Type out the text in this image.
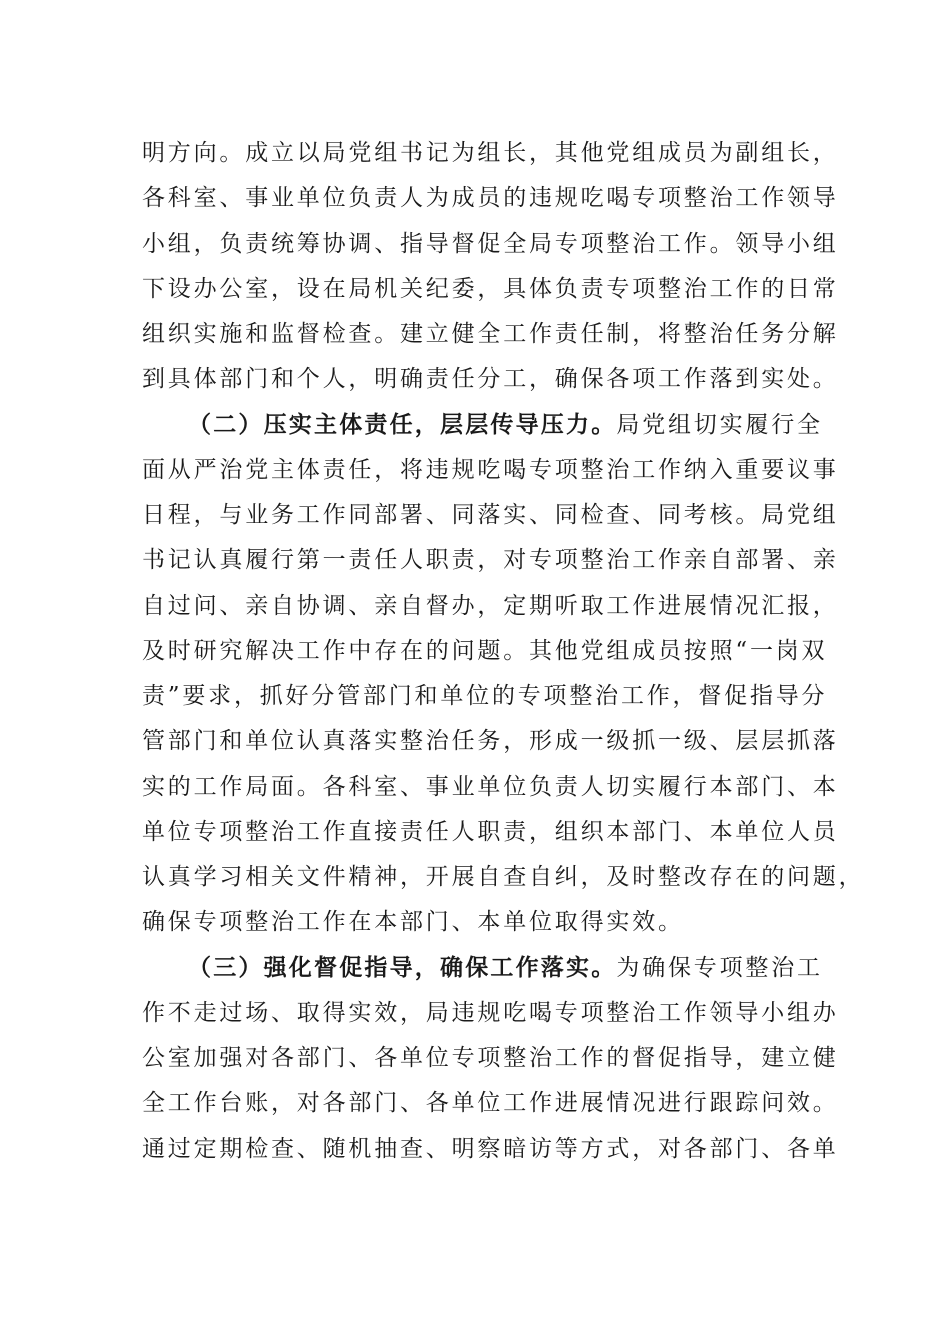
明方向。成立以局党组书记为组长，其他党组成员为副组长，
各科室、事业单位负责人为成员的违规吃喝专项整治工作领导
小组，负责统筹协调、指导督促全局专项整治工作。领导小组
下设办公室，设在局机关纪委，具体负责专项整治工作的日常
组织实施和监督检查。建立健全工作责任制，将整治任务分解
到具体部门和个人，明确责任分工，确保各项工作落到实处。
（二）压实主体责任，层层传导压力。局党组切实履行全
面从严治党主体责任，将违规吃喝专项整治工作纳入重要议事
日程，与业务工作同部署、同落实、同检查、同考核。局党组
书记认真履行第一责任人职责，对专项整治工作亲自部署、亲
自过问、亲自协调、亲自督办，定期听取工作进展情况汇报，
及时研究解决工作中存在的问题。其他党组成员按照“一岗双
责”要求，抓好分管部门和单位的专项整治工作，督促指导分
管部门和单位认真落实整治任务，形成一级抓一级、层层抓落
实的工作局面。各科室、事业单位负责人切实履行本部门、本
单位专项整治工作直接责任人职责，组织本部门、本单位人员
认真学习相关文件精神，开展自查自纠，及时整改存在的问题，
确保专项整治工作在本部门、本单位取得实效。
（三）强化督促指导，确保工作落实。为确保专项整治工
作不走过场、取得实效，局违规吃喝专项整治工作领导小组办
公室加强对各部门、各单位专项整治工作的督促指导，建立健
全工作台账，对各部门、各单位工作进展情况进行跟踪问效。
通过定期检查、随机抽查、明察暗访等方式，对各部门、各单
